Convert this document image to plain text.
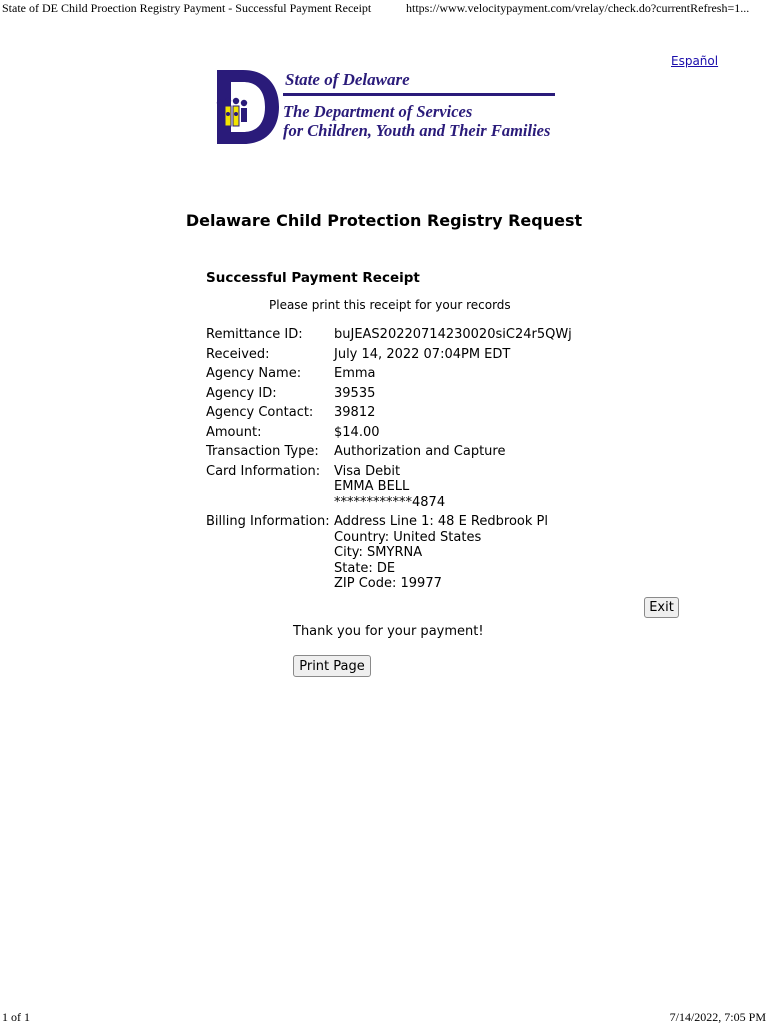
State of DE Child Proection Registry Payment - Successful Payment Receipt	https://www.velocitypayment.com/vrelay/check.do?currentRefresh=1...
Español
State of Delaware
The Department of Services
for Children, Youth and Their Families
Delaware Child Protection Registry Request
Successful Payment Receipt
Please print this receipt for your records
Remittance ID:	buJEAS20220714230020siC24r5QWj
Received:	July 14, 2022 07:04PM EDT
Agency Name:	Emma
Agency ID:	39535
Agency Contact:	39812
Amount:	$14.00
Transaction Type:	Authorization and Capture
Card Information:	Visa Debit
EMMA BELL
************4874
Billing Information: Address Line 1: 48 E Redbrook Pl
Country: United States
City: SMYRNA
State: DE
ZIP Code: 19977
Exit
Thank you for your payment!
Print Page
1 of 1	7/14/2022, 7:05 PM
